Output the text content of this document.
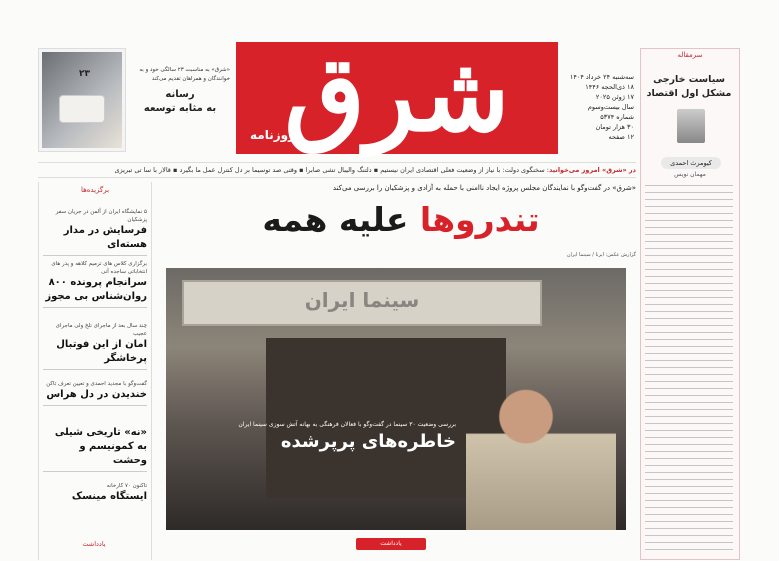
۲۳	«شرق» به مناسبت ۲۳ سالگی خود و به خوانندگان و همراهان تقدیم می‌کند
رسانه
به مثابه توسعه شرق
روزنامه
سه‌شنبه ۲۴ خرداد ۱۴۰۴
۱۸ ذی‌الحجه ۱۴۴۶
۱۷ ژوئن ۲۰۲۵
سال بیست‌وسوم
شماره ۵۳۷۴
۳۰ هزار تومان
۱۲ صفحه
سرمقاله
سیاست خارجی مشکل اول اقتصاد
کیومرث احمدی
مهمان نویس
در «شرق» امروز می‌خوانید: سخنگوی دولت: با نیاز از وضعیت فعلی اقتصادی ایران نیستیم ▪ دلتنگ والیبال تشی صابرا ▪ وقتی صد توسیما بر دل کنترل عمل ما بگیرد ▪ قالار با سا تی تبریزی
برگزیده‌ها
۵ نمایشگاه ایران از آلمن در جریان سفر پزشکیان
فرسایش در مدار هسته‌ای
برگزاری کلاس های ترمیم کلاهه و پدر های انتخاباتی ساجده آتی
سرانجام پرونده ۸۰۰ روان‌شناس بی مجوز
چند سال بعد از ماجرای تلخ ولی ماجرای عجیب
امان از این فوتبال پرخاشگر
گفت‌وگو با مجدید احمدی و تعیین تعرف تاکن
خندیدن در دل هراس
«نه» تاریخی شیلی به کمونیسم و وحشت
تاکنون ۷۰ کارخانه
ایستگاه مینسک
«شرق» در گفت‌وگو با نمایندگان مجلس پروژه ایجاد ناامنی با حمله به آزادی و پزشکیان را بررسی می‌کند
تندروها علیه همه
گزارش عکس: ایرنا / سینما ایران
سینما ایران
بررسی وضعیت ۳۰ سینما در گفت‌وگو با فعالان فرهنگی به بهانه آتش سوزی سینما ایران
خاطره‌های پرپرشده
یادداشت
یادداشت
